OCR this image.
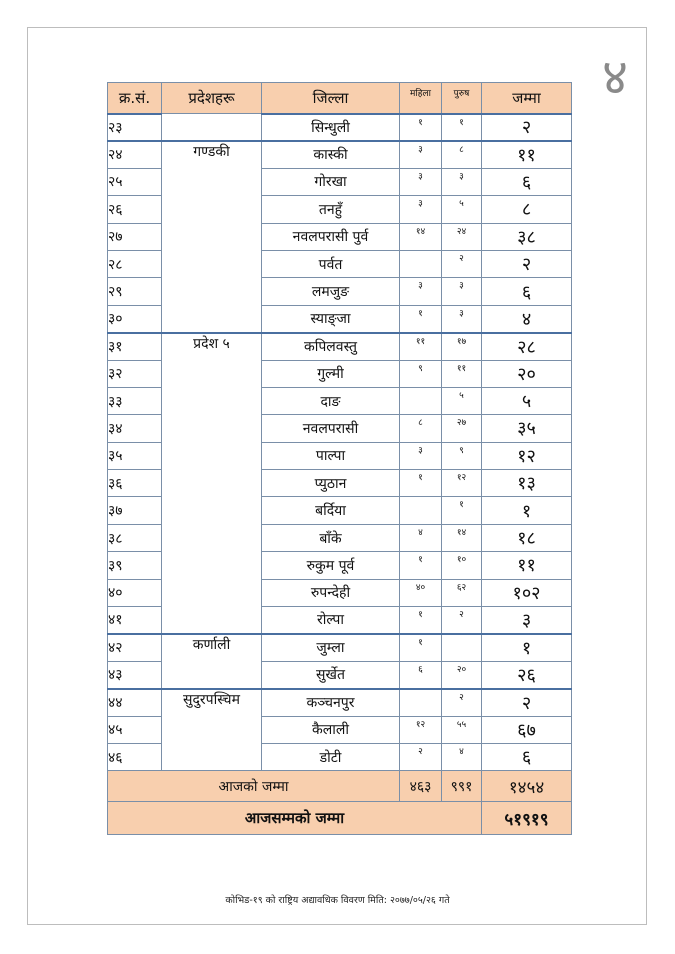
४
क्र.सं.	प्रदेशहरू	जिल्ला	महिला	पुरुष	जम्मा
२३		सिन्धुली	१	१	२
२४	गण्डकी	कास्की	३	८	११
२५		गोरखा	३	३	६
२६		तनहुँ	३	५	८
२७		नवलपरासी पुर्व	१४	२४	३८
२८		पर्वत		२	२
२९		लमजुङ	३	३	६
३०		स्याङ्जा	१	३	४
३१	प्रदेश ५	कपिलवस्तु	११	१७	२८
३२		गुल्मी	९	११	२०
३३		दाङ		५	५
३४		नवलपरासी	८	२७	३५
३५		पाल्पा	३	९	१२
३६		प्युठान	१	१२	१३
३७		बर्दिया		१	१
३८		बाँके	४	१४	१८
३९		रुकुम पूर्व	१	१०	११
४०		रुपन्देही	४०	६२	१०२
४१		रोल्पा	१	२	३
४२	कर्णाली	जुम्ला	१		१
४३		सुर्खेत	६	२०	२६
४४	सुदुरपस्चिम	कञ्चनपुर		२	२
४५		कैलाली	१२	५५	६७
४६		डोटी	२	४	६
आजको जम्मा			४६३	९९१	१४५४
आजसम्मको जम्मा					५१९१९
कोभिड-१९ को राष्ट्रिय अद्यावधिक विवरण मिति: २०७७/०५/२६ गते
